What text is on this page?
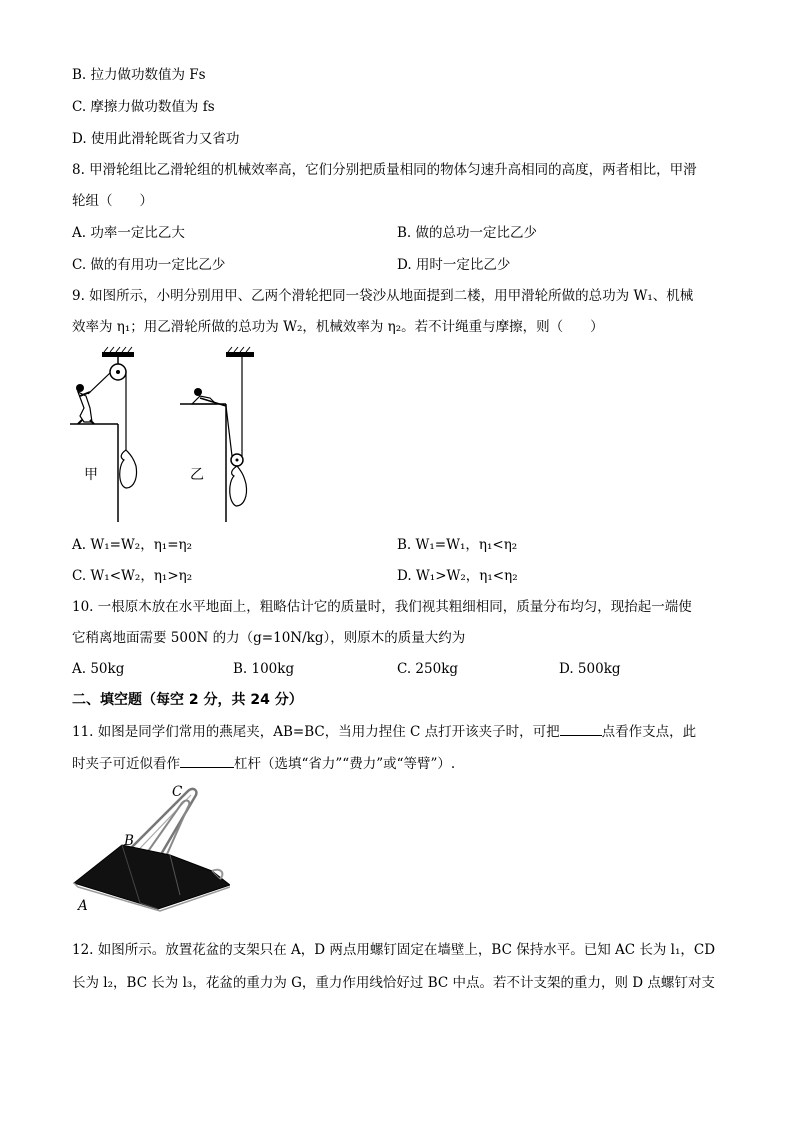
B. 拉力做功数值为 Fs
C. 摩擦力做功数值为 fs
D. 使用此滑轮既省力又省功
8. 甲滑轮组比乙滑轮组的机械效率高，它们分别把质量相同的物体匀速升高相同的高度，两者相比，甲滑
轮组（　　）
A. 功率一定比乙大	B. 做的总功一定比乙少
C. 做的有用功一定比乙少	D. 用时一定比乙少
9. 如图所示，小明分别用甲、乙两个滑轮把同一袋沙从地面提到二楼，用甲滑轮所做的总功为 W₁、机械
效率为 η₁；用乙滑轮所做的总功为 W₂，机械效率为 η₂。若不计绳重与摩擦，则（　　）
甲	乙
A. W₁=W₂，η₁=η₂	B. W₁=W₁，η₁<η₂
C. W₁<W₂，η₁>η₂	D. W₁>W₂，η₁<η₂
10. 一根原木放在水平地面上，粗略估计它的质量时，我们视其粗细相同，质量分布均匀，现抬起一端使
它稍离地面需要 500N 的力（g=10N/kg），则原木的质量大约为
A. 50kg	B. 100kg	C. 250kg	D. 500kg
二、填空题（每空 2 分，共 24 分）
11. 如图是同学们常用的燕尾夹，AB=BC，当用力捏住 C 点打开该夹子时，可把	点看作支点，此
时夹子可近似看作	杠杆（选填“省力”“费力”或“等臂”）.
C
B
A
12. 如图所示。放置花盆的支架只在 A，D 两点用螺钉固定在墙壁上，BC 保持水平。已知 AC 长为 l₁，CD
长为 l₂，BC 长为 l₃，花盆的重力为 G，重力作用线恰好过 BC 中点。若不计支架的重力，则 D 点螺钉对支
